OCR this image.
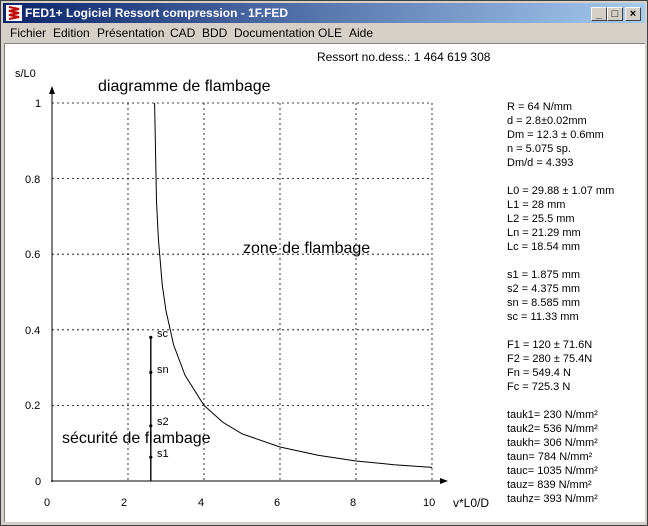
FED1+ Logiciel Ressort compression - 1F.FED	_ □	×
Fichier Edition Présentation CAD BDD Documentation OLE Aide
Ressort no.dess.: 1 464 619 308
s/L0
v*L0/D
diagramme de flambage
zone de flambage
sécurité de flambage
1
0.8
0.6
0.4
0.2
0
0	2	4	6	8	10
sc
sn
s2
s1
R = 64 N/mm
d = 2.8±0.02mm
Dm = 12.3 ± 0.6mm
n = 5.075 sp.
Dm/d = 4.393
L0 = 29.88 ± 1.07 mm
L1 = 28 mm
L2 = 25.5 mm
Ln = 21.29 mm
Lc = 18.54 mm
s1 = 1.875 mm
s2 = 4.375 mm
sn = 8.585 mm
sc = 11.33 mm
F1 = 120 ± 71.6N
F2 = 280 ± 75.4N
Fn = 549.4 N
Fc = 725.3 N
tauk1= 230 N/mm²
tauk2= 536 N/mm²
taukh= 306 N/mm²
taun= 784 N/mm²
tauc= 1035 N/mm²
tauz= 839 N/mm²
tauhz= 393 N/mm²
